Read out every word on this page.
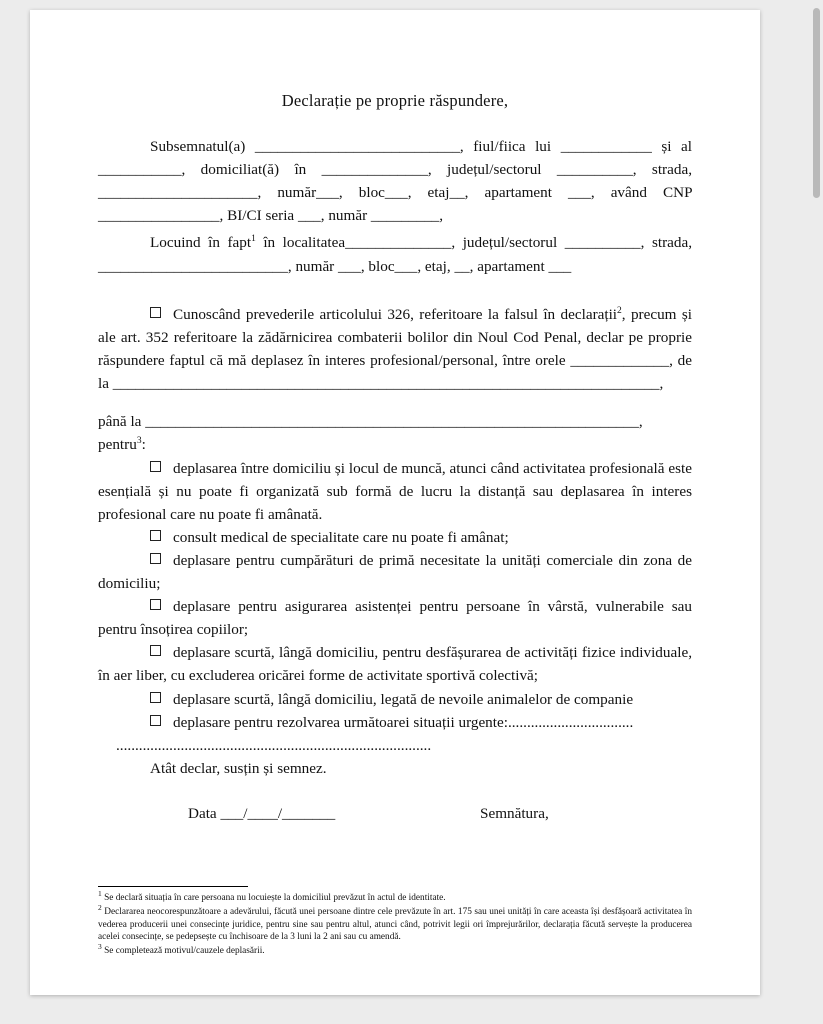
Declarație pe proprie răspundere,

Subsemnatul(a) ___________________________, fiul/fiica lui ____________ și al ___________, domiciliat(ă) în ______________, județul/sectorul __________, strada, _____________________, număr___, bloc___, etaj__, apartament ___, având CNP ________________, BI/CI seria ___, număr _________,

Locuind în fapt$^1$ în localitatea______________, județul/sectorul __________, strada, _________________________, număr ___, bloc___, etaj, __, apartament ___

Cunoscând prevederile articolului 326, referitoare la falsul în declarații$^2$, precum și ale art. 352 referitoare la zădărnicirea combaterii bolilor din Noul Cod Penal, declar pe proprie răspundere faptul că mă deplasez în interes profesional/personal, între orele _____________, de la ________________________________________________________________________,

până la _________________________________________________________________,

pentru$^3$:

deplasarea între domiciliu și locul de muncă, atunci când activitatea profesională este esențială și nu poate fi organizată sub formă de lucru la distanță sau deplasarea în interes profesional care nu poate fi amânată.

consult medical de specialitate care nu poate fi amânat;

deplasare pentru cumpărături de primă necesitate la unități comerciale din zona de domiciliu;

deplasare pentru asigurarea asistenței pentru persoane în vârstă, vulnerabile sau pentru însoțirea copiilor;

deplasare scurtă, lângă domiciliu, pentru desfășurarea de activități fizice individuale, în aer liber, cu excluderea oricărei forme de activitate sportivă colectivă;

deplasare scurtă, lângă domiciliu, legată de nevoile animalelor de companie

deplasare pentru rezolvarea următoarei situații urgente:.................................

...................................................................................

Atât declar, susțin și semnez.

Data ___/____/_______	Semnătura,

$^1$ Se declară situația în care persoana nu locuiește la domiciliul prevăzut în actul de identitate.

$^2$ Declararea neocorespunzătoare a adevărului, făcută unei persoane dintre cele prevăzute în art. 175 sau unei unități în care aceasta își desfășoară activitatea în vederea producerii unei consecințe juridice, pentru sine sau pentru altul, atunci când, potrivit legii ori împrejurărilor, declarația făcută servește la producerea acelei consecințe, se pedepsește cu închisoare de la 3 luni la 2 ani sau cu amendă.

$^3$ Se completează motivul/cauzele deplasării.
